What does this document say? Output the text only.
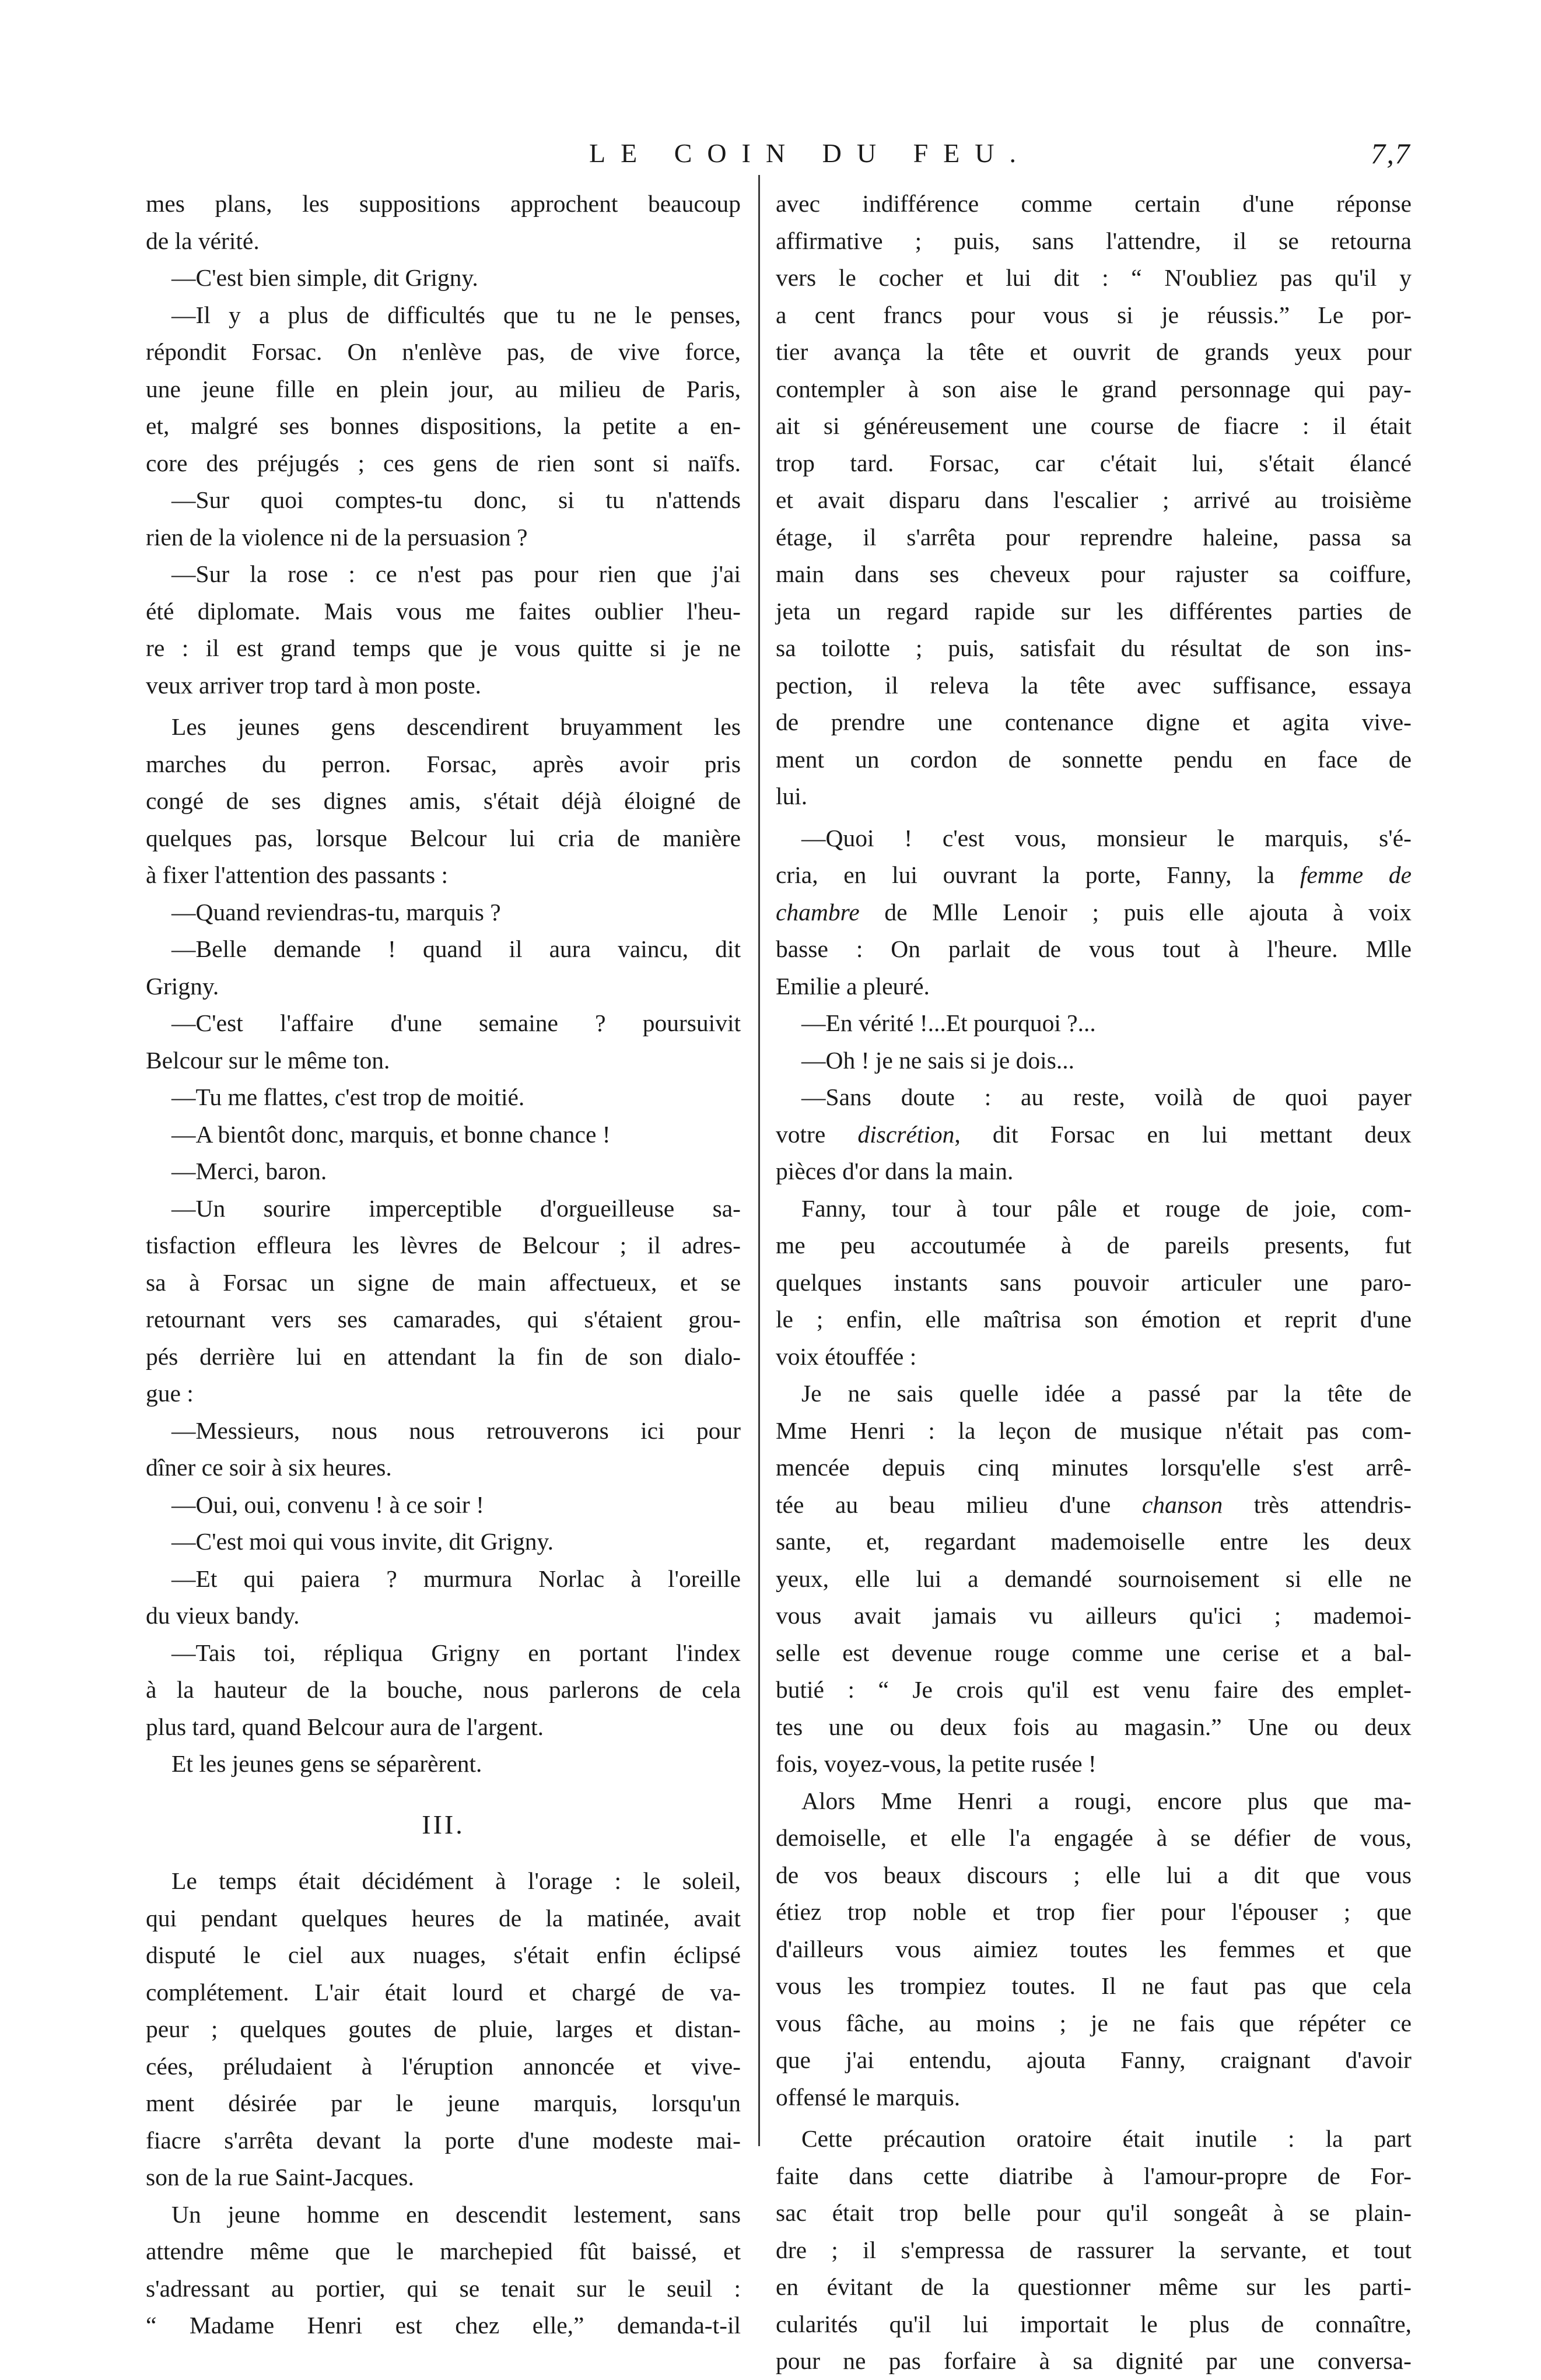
LE COIN DU FEU.	7‚7
mes plans, les suppositions approchent beaucoup
de la vérité.
—C'est bien simple, dit Grigny.
—Il y a plus de difficultés que tu ne le penses,
répondit Forsac. On n'enlève pas, de vive force,
une jeune fille en plein jour, au milieu de Paris,
et, malgré ses bonnes dispositions, la petite a en-
core des préjugés ; ces gens de rien sont si naïfs.
—Sur quoi comptes-tu donc, si tu n'attends
rien de la violence ni de la persuasion ?
—Sur la rose : ce n'est pas pour rien que j'ai
été diplomate. Mais vous me faites oublier l'heu-
re : il est grand temps que je vous quitte si je ne
veux arriver trop tard à mon poste.
Les jeunes gens descendirent bruyamment les
marches du perron. Forsac, après avoir pris
congé de ses dignes amis, s'était déjà éloigné de
quelques pas, lorsque Belcour lui cria de manière
à fixer l'attention des passants :
—Quand reviendras-tu, marquis ?
—Belle demande ! quand il aura vaincu, dit
Grigny.
—C'est l'affaire d'une semaine ? poursuivit
Belcour sur le même ton.
—Tu me flattes, c'est trop de moitié.
—A bientôt donc, marquis, et bonne chance !
—Merci, baron.
—Un sourire imperceptible d'orgueilleuse sa-
tisfaction effleura les lèvres de Belcour ; il adres-
sa à Forsac un signe de main affectueux, et se
retournant vers ses camarades, qui s'étaient grou-
pés derrière lui en attendant la fin de son dialo-
gue :
—Messieurs, nous nous retrouverons ici pour
dîner ce soir à six heures.
—Oui, oui, convenu ! à ce soir !
—C'est moi qui vous invite, dit Grigny.
—Et qui paiera ? murmura Norlac à l'oreille
du vieux bandy.
—Tais toi, répliqua Grigny en portant l'index
à la hauteur de la bouche, nous parlerons de cela
plus tard, quand Belcour aura de l'argent.
Et les jeunes gens se séparèrent.
III.
Le temps était décidément à l'orage : le soleil,
qui pendant quelques heures de la matinée, avait
disputé le ciel aux nuages, s'était enfin éclipsé
complétement. L'air était lourd et chargé de va-
peur ; quelques goutes de pluie, larges et distan-
cées, préludaient à l'éruption annoncée et vive-
ment désirée par le jeune marquis, lorsqu'un
fiacre s'arrêta devant la porte d'une modeste mai-
son de la rue Saint-Jacques.
Un jeune homme en descendit lestement, sans
attendre même que le marchepied fût baissé, et
s'adressant au portier, qui se tenait sur le seuil :
“ Madame Henri est chez elle,” demanda-t-il
avec indifférence comme certain d'une réponse
affirmative ; puis, sans l'attendre, il se retourna
vers le cocher et lui dit : “ N'oubliez pas qu'il y
a cent francs pour vous si je réussis.” Le por-
tier avança la tête et ouvrit de grands yeux pour
contempler à son aise le grand personnage qui pay-
ait si généreusement une course de fiacre : il était
trop tard. Forsac, car c'était lui, s'était élancé
et avait disparu dans l'escalier ; arrivé au troisième
étage, il s'arrêta pour reprendre haleine, passa sa
main dans ses cheveux pour rajuster sa coiffure,
jeta un regard rapide sur les différentes parties de
sa toilotte ; puis, satisfait du résultat de son ins-
pection, il releva la tête avec suffisance, essaya
de prendre une contenance digne et agita vive-
ment un cordon de sonnette pendu en face de
lui.
—Quoi ! c'est vous, monsieur le marquis, s'é-
cria, en lui ouvrant la porte, Fanny, la femme de
chambre de Mlle Lenoir ; puis elle ajouta à voix
basse : On parlait de vous tout à l'heure. Mlle
Emilie a pleuré.
—En vérité !...Et pourquoi ?...
—Oh ! je ne sais si je dois...
—Sans doute : au reste, voilà de quoi payer
votre discrétion, dit Forsac en lui mettant deux
pièces d'or dans la main.
Fanny, tour à tour pâle et rouge de joie, com-
me peu accoutumée à de pareils presents, fut
quelques instants sans pouvoir articuler une paro-
le ; enfin, elle maîtrisa son émotion et reprit d'une
voix étouffée :
Je ne sais quelle idée a passé par la tête de
Mme Henri : la leçon de musique n'était pas com-
mencée depuis cinq minutes lorsqu'elle s'est arrê-
tée au beau milieu d'une chanson très attendris-
sante, et, regardant mademoiselle entre les deux
yeux, elle lui a demandé sournoisement si elle ne
vous avait jamais vu ailleurs qu'ici ; mademoi-
selle est devenue rouge comme une cerise et a bal-
butié : “ Je crois qu'il est venu faire des emplet-
tes une ou deux fois au magasin.” Une ou deux
fois, voyez-vous, la petite rusée !
Alors Mme Henri a rougi, encore plus que ma-
demoiselle, et elle l'a engagée à se défier de vous,
de vos beaux discours ; elle lui a dit que vous
étiez trop noble et trop fier pour l'épouser ; que
d'ailleurs vous aimiez toutes les femmes et que
vous les trompiez toutes. Il ne faut pas que cela
vous fâche, au moins ; je ne fais que répéter ce
que j'ai entendu, ajouta Fanny, craignant d'avoir
offensé le marquis.
Cette précaution oratoire était inutile : la part
faite dans cette diatribe à l'amour-propre de For-
sac était trop belle pour qu'il songeât à se plain-
dre ; il s'empressa de rassurer la servante, et tout
en évitant de la questionner même sur les parti-
cularités qu'il lui importait le plus de connaître,
pour ne pas forfaire à sa dignité par une conversa-
